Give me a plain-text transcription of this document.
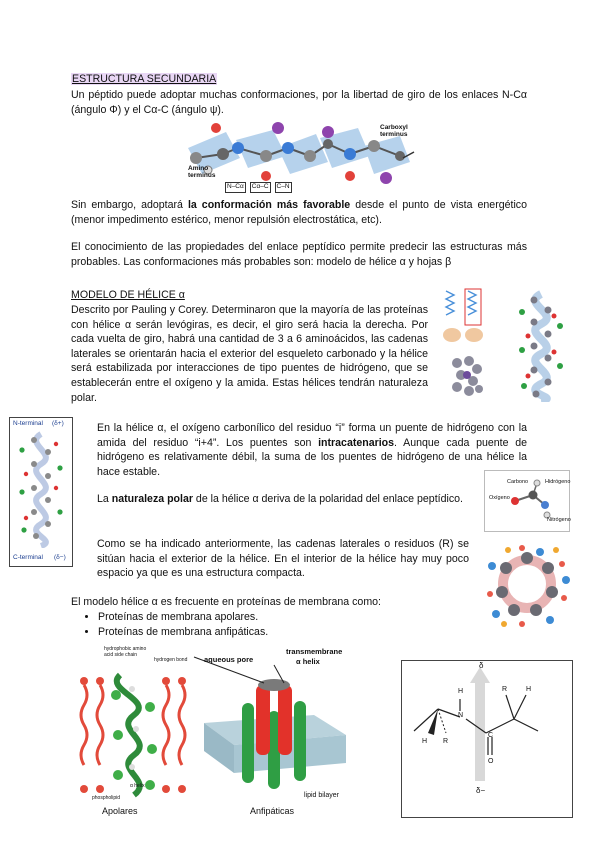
ESTRUCTURA SECUNDARIA

Un péptido puede adoptar muchas conformaciones, por la libertad de giro de los enlaces N-Cα (ángulo Φ) y el Cα-C (ángulo ψ).

Carboxyl terminus
Amino terminus
N–Cα	Cα–C	C–N

Sin embargo, adoptará la conformación más favorable desde el punto de vista energético (menor impedimento estérico, menor repulsión electrostática, etc).

El conocimiento de las propiedades del enlace peptídico permite predecir las estructuras más probables. Las conformaciones más probables son: modelo de hélice α y hojas β

MODELO DE HÉLICE α

Descrito por Pauling y Corey. Determinaron que la mayoría de las proteínas con hélice α serán levógiras, es decir, el giro será hacia la derecha. Por cada vuelta de giro, habrá una cantidad de 3 a 6 aminoácidos, las cadenas laterales se orientarán hacia el exterior del esqueleto carbonado y la hélice será estabilizada por interacciones de tipo puentes de hidrógeno, que se establecerán entre el oxígeno y la amida. Estas hélices tendrán naturaleza polar.

N-terminal (δ+)
C-terminal (δ−)

En la hélice α, el oxígeno carbonílico del residuo “i” forma un puente de hidrógeno con la amida del residuo “i+4”. Los puentes son intracatenarios. Aunque cada puente de hidrógeno es relativamente débil, la suma de los puentes de hidrógeno de una hélice la hace estable.

La naturaleza polar de la hélice α deriva de la polaridad del enlace peptídico.

Carbono	Hidrógeno
Oxígeno
Nitrógeno

Como se ha indicado anteriormente, las cadenas laterales o residuos (R) se sitúan hacia el exterior de la hélice. En el interior de la hélice hay muy poco espacio ya que es una estructura compacta.

El modelo hélice α es frecuente en proteínas de membrana como:

• Proteínas de membrana apolares.
• Proteínas de membrana anfipáticas.
hydrophobic amino acid side chain
hydrogen bond aqueous pore
transmembrane
α helix
lipid bilayer
phospholipid
α helix
Apolares	Anfipáticas
δ
H
N
C
O
H R
R	H
δ−
